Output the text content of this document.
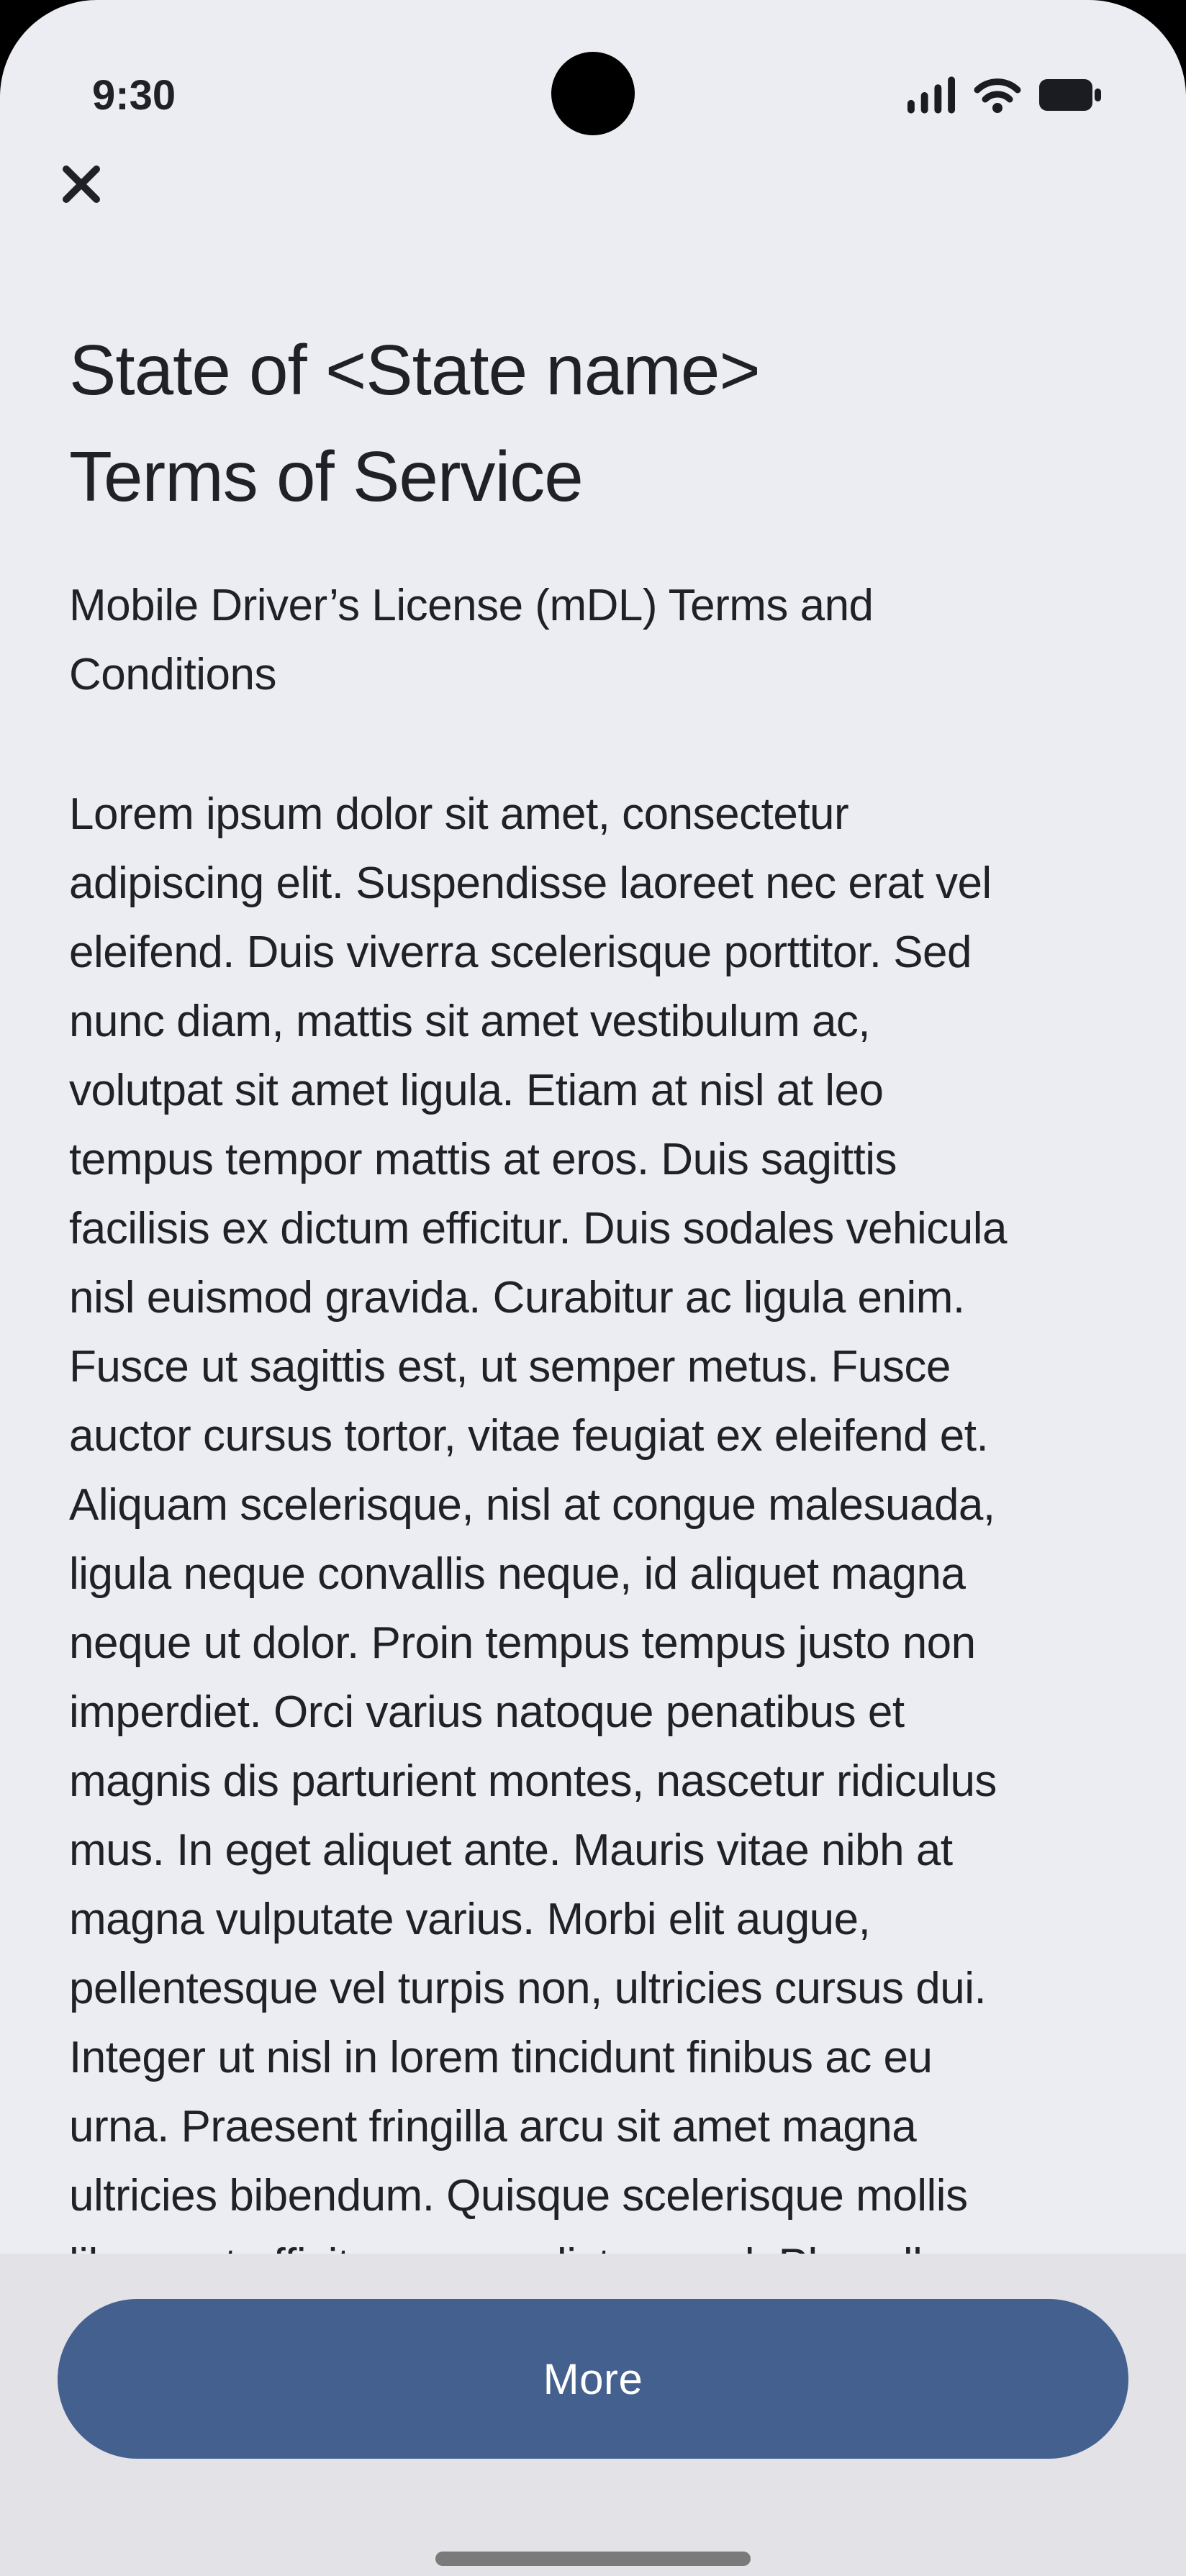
9:30
State of <State name>
Terms of Service
Mobile Driver’s License (mDL) Terms and
Conditions
Lorem ipsum dolor sit amet, consectetur
adipiscing elit. Suspendisse laoreet nec erat vel
eleifend. Duis viverra scelerisque porttitor. Sed
nunc diam, mattis sit amet vestibulum ac,
volutpat sit amet ligula. Etiam at nisl at leo
tempus tempor mattis at eros. Duis sagittis
facilisis ex dictum efficitur. Duis sodales vehicula
nisl euismod gravida. Curabitur ac ligula enim.
Fusce ut sagittis est, ut semper metus. Fusce
auctor cursus tortor, vitae feugiat ex eleifend et.
Aliquam scelerisque, nisl at congue malesuada,
ligula neque convallis neque, id aliquet magna
neque ut dolor. Proin tempus tempus justo non
imperdiet. Orci varius natoque penatibus et
magnis dis parturient montes, nascetur ridiculus
mus. In eget aliquet ante. Mauris vitae nibh at
magna vulputate varius. Morbi elit augue,
pellentesque vel turpis non, ultricies cursus dui.
Integer ut nisl in lorem tincidunt finibus ac eu
urna. Praesent fringilla arcu sit amet magna
ultricies bibendum. Quisque scelerisque mollis
More
